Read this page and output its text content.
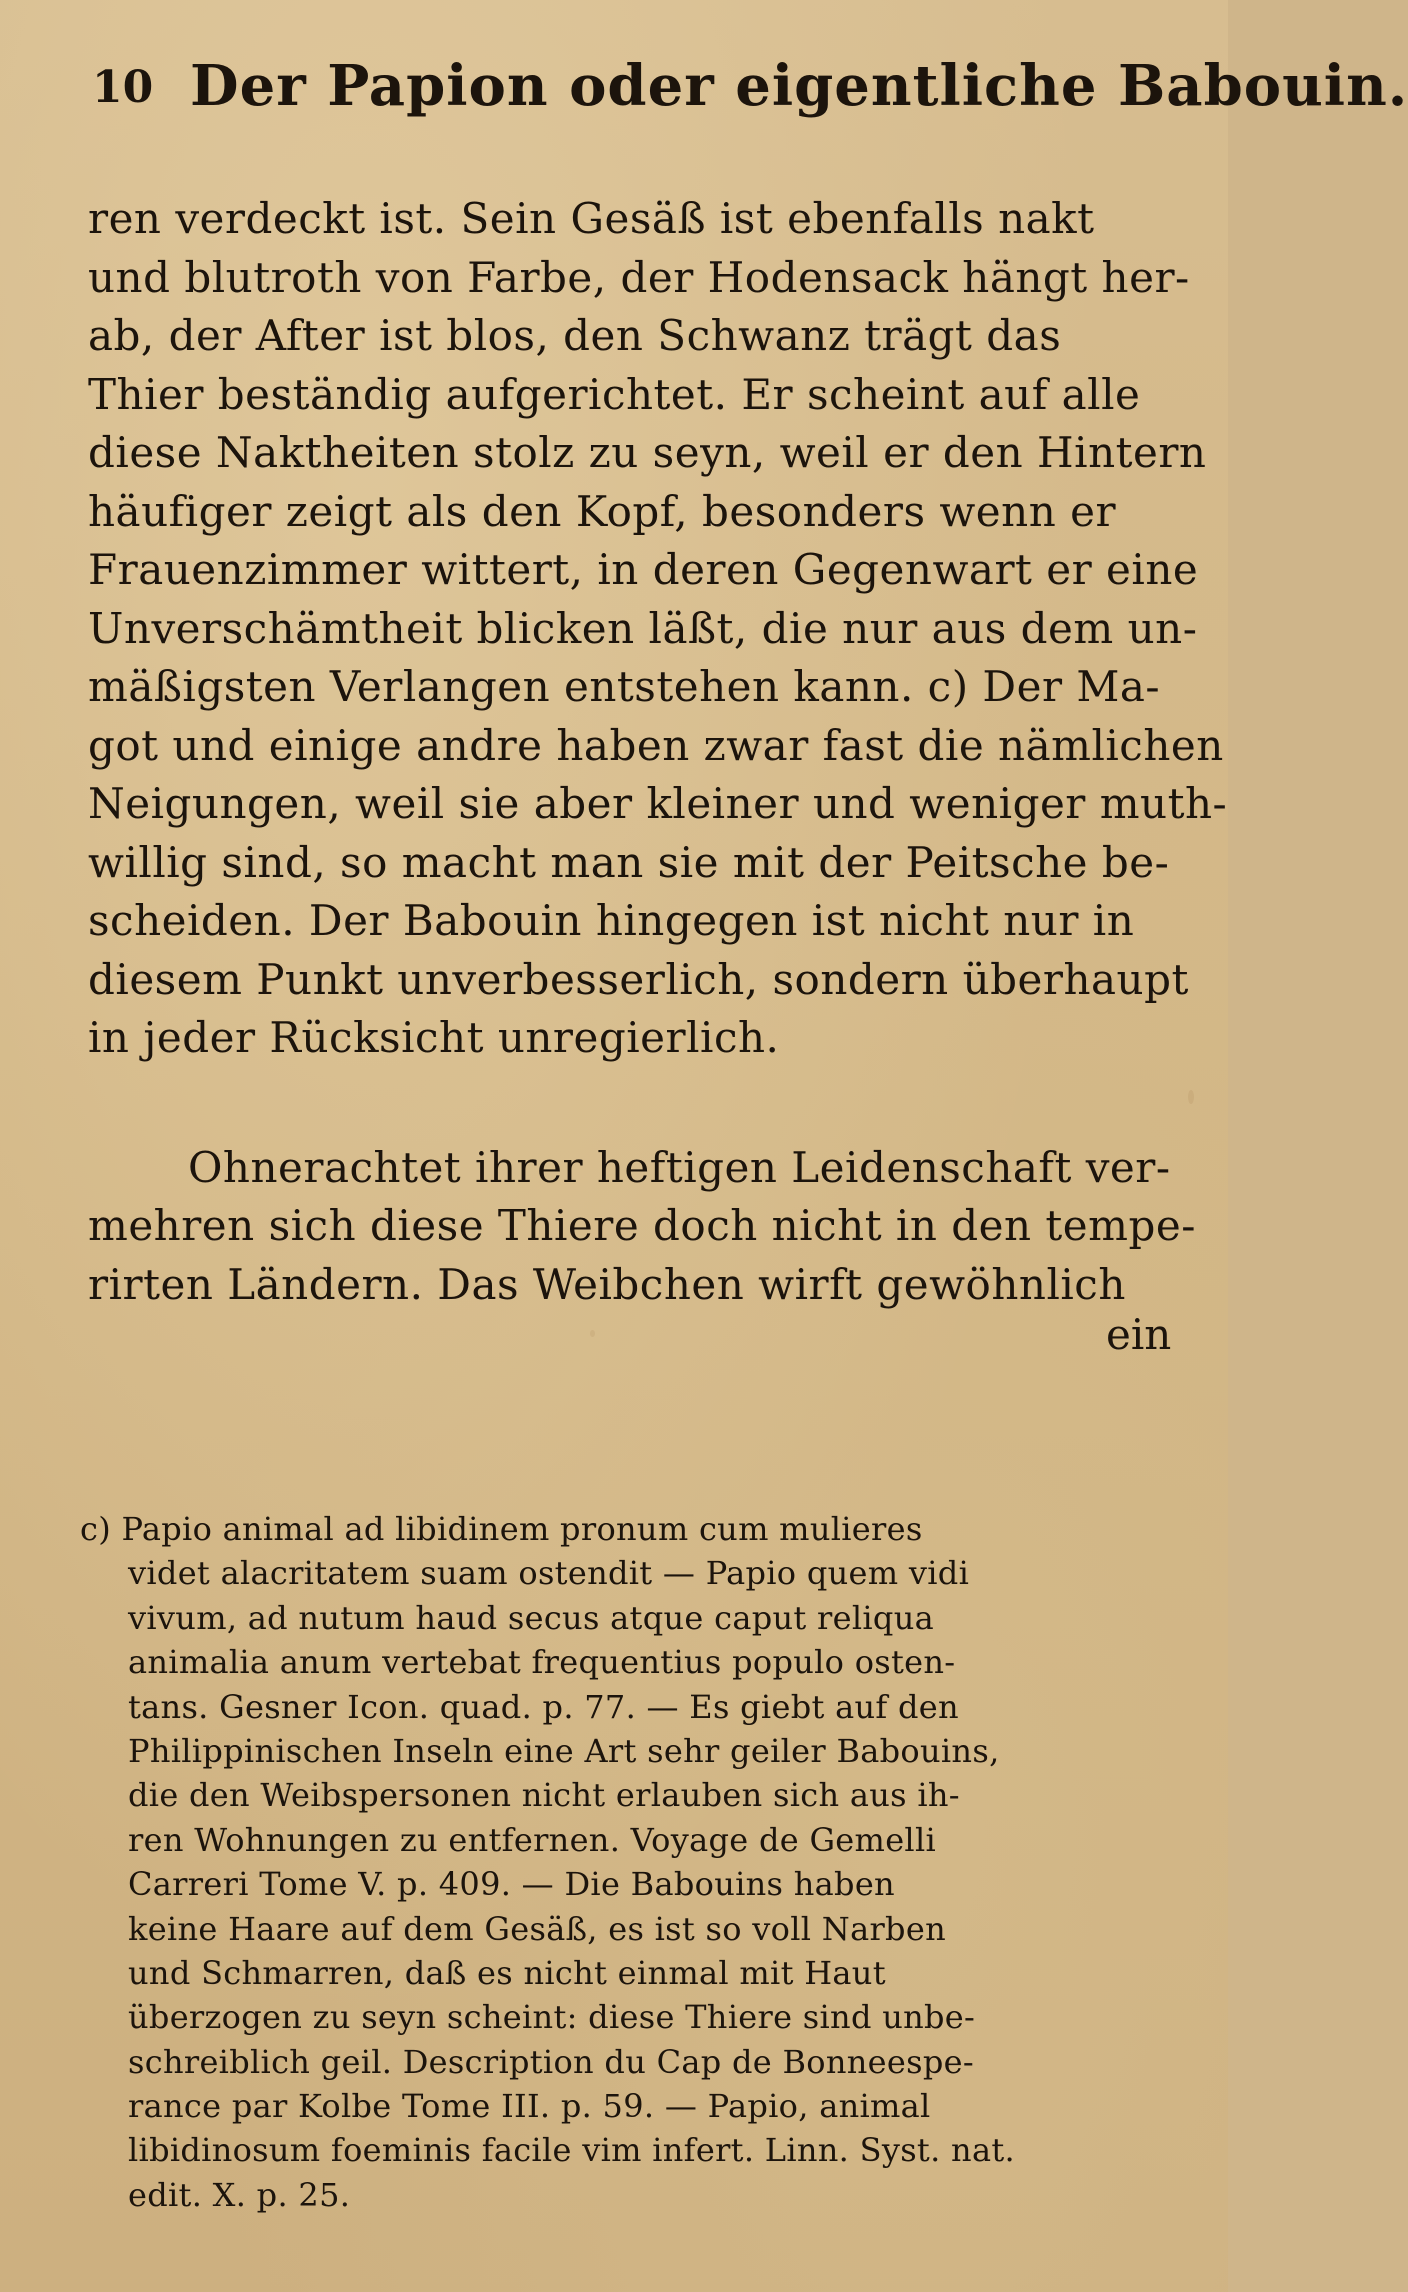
10 Der Papion oder eigentliche Babouin.
ren verdeckt ist. Sein Gesäß ist ebenfalls nakt
und blutroth von Farbe, der Hodensack hängt her-
ab, der After ist blos, den Schwanz trägt das
Thier beständig aufgerichtet. Er scheint auf alle
diese Naktheiten stolz zu seyn, weil er den Hintern
häufiger zeigt als den Kopf, besonders wenn er
Frauenzimmer wittert, in deren Gegenwart er eine
Unverschämtheit blicken läßt, die nur aus dem un-
mäßigsten Verlangen entstehen kann. c) Der Ma-
got und einige andre haben zwar fast die nämlichen
Neigungen, weil sie aber kleiner und weniger muth-
willig sind, so macht man sie mit der Peitsche be-
scheiden. Der Babouin hingegen ist nicht nur in
diesem Punkt unverbesserlich, sondern überhaupt
in jeder Rücksicht unregierlich.
Ohnerachtet ihrer heftigen Leidenschaft ver-
mehren sich diese Thiere doch nicht in den tempe-
rirten Ländern. Das Weibchen wirft gewöhnlich
ein
c) Papio animal ad libidinem pronum cum mulieres
videt alacritatem suam ostendit — Papio quem vidi
vivum, ad nutum haud secus atque caput reliqua
animalia anum vertebat frequentius populo osten-
tans. Gesner Icon. quad. p. 77. — Es giebt auf den
Philippinischen Inseln eine Art sehr geiler Babouins,
die den Weibspersonen nicht erlauben sich aus ih-
ren Wohnungen zu entfernen. Voyage de Gemelli
Carreri Tome V. p. 409. — Die Babouins haben
keine Haare auf dem Gesäß, es ist so voll Narben
und Schmarren, daß es nicht einmal mit Haut
überzogen zu seyn scheint: diese Thiere sind unbe-
schreiblich geil. Description du Cap de Bonneespe-
rance par Kolbe Tome III. p. 59. — Papio, animal
libidinosum foeminis facile vim infert. Linn. Syst. nat.
edit. X. p. 25.
